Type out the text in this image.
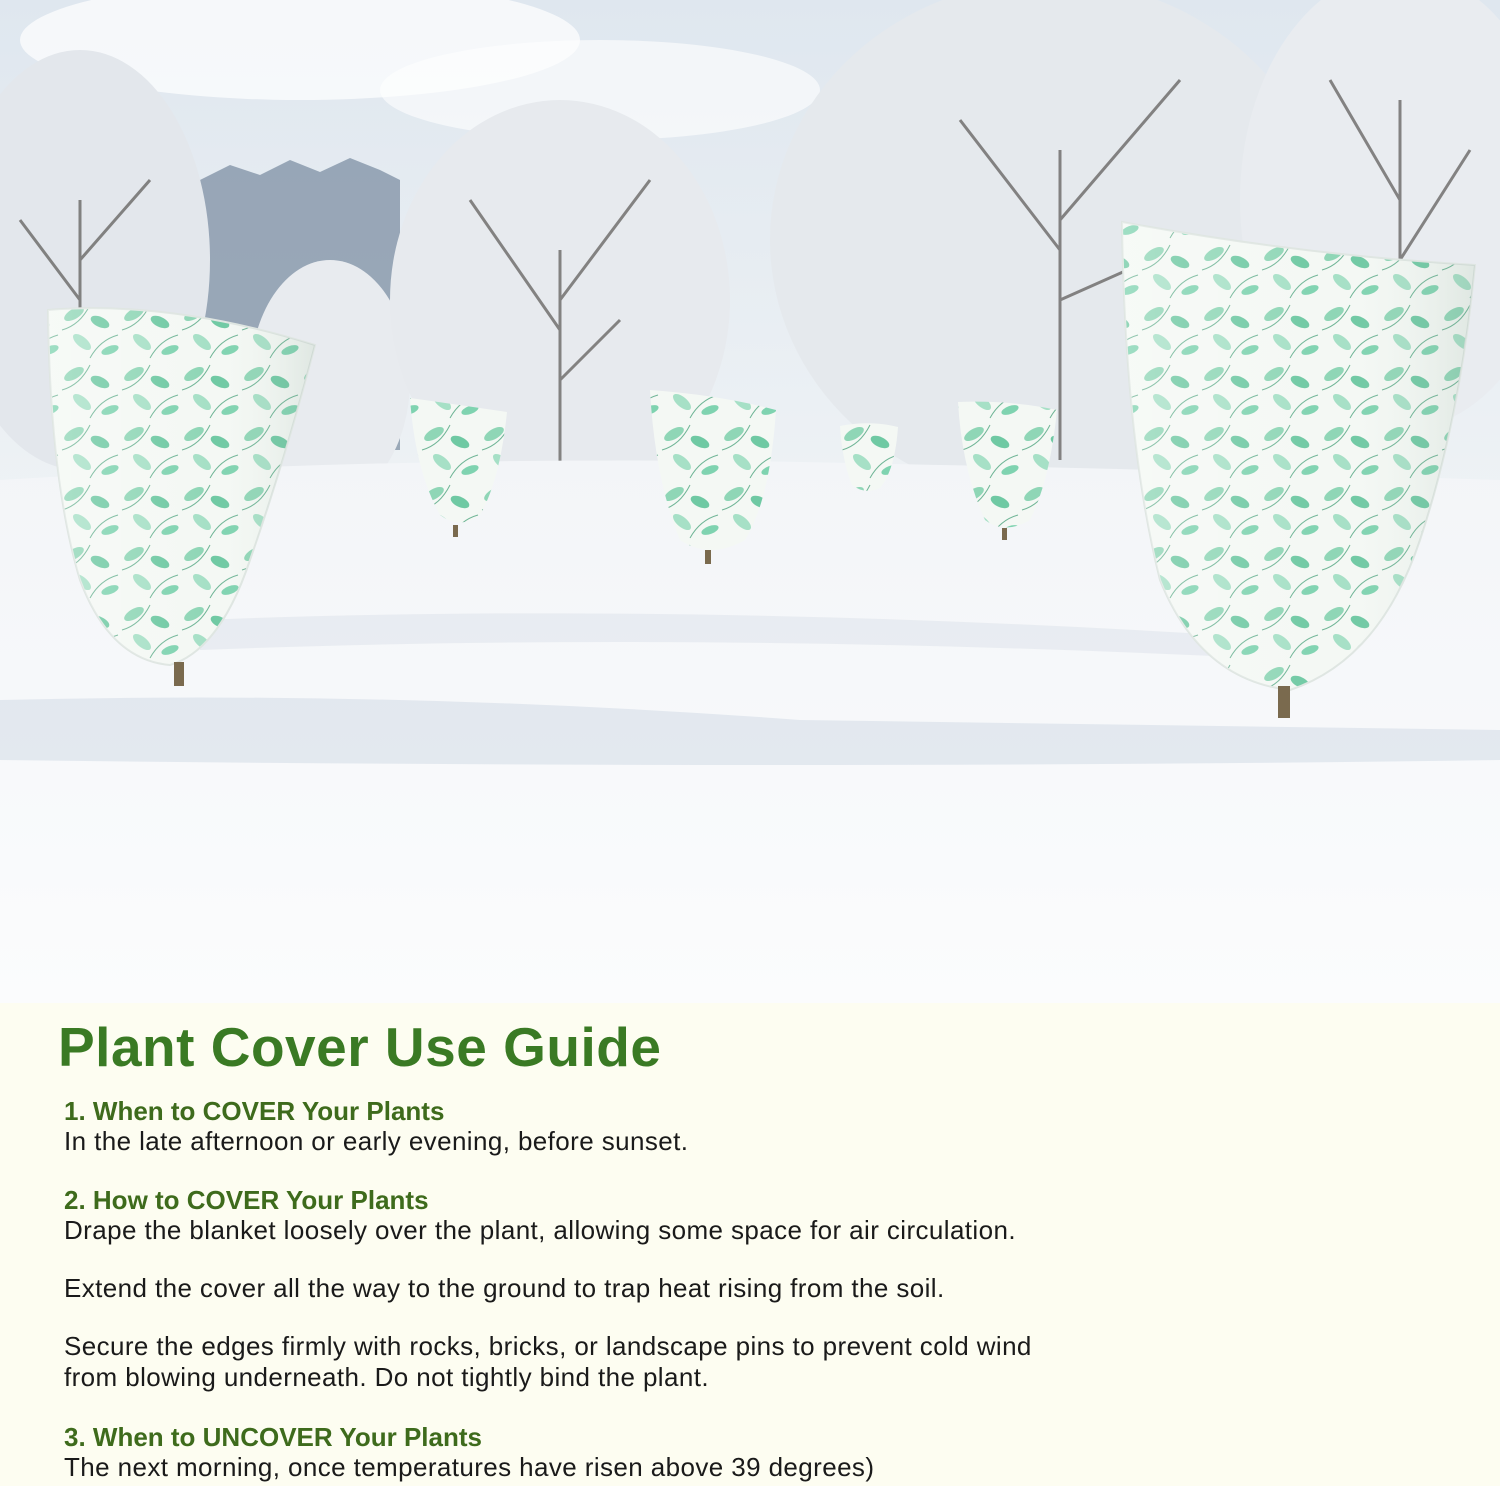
Plant Cover Use Guide
1. When to COVER Your Plants
In the late afternoon or early evening, before sunset.
2. How to COVER Your Plants
Drape the blanket loosely over the plant, allowing some space for air circulation.
Extend the cover all the way to the ground to trap heat rising from the soil.
Secure the edges firmly with rocks, bricks, or landscape pins to prevent cold wind
from blowing underneath. Do not tightly bind the plant.
3. When to UNCOVER Your Plants
The next morning, once temperatures have risen above 39 degrees)
